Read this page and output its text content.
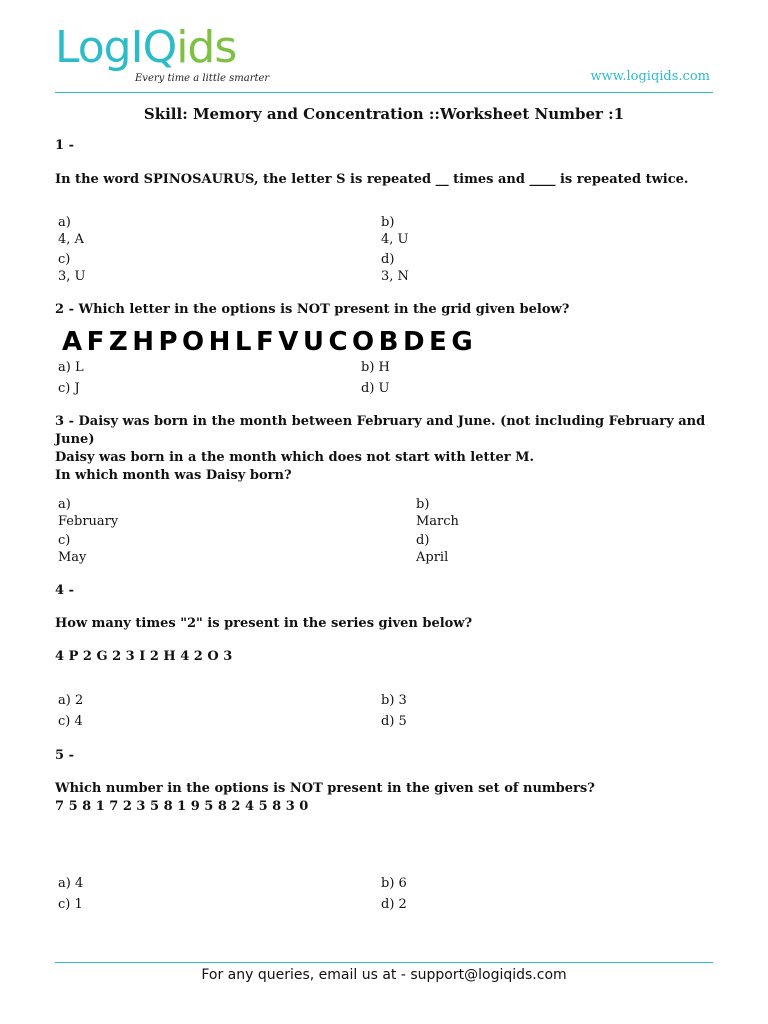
LogIQids
Every time a little smarter	www.logiqids.com
Skill: Memory and Concentration ::Worksheet Number :1
1 -
In the word SPINOSAURUS, the letter S is repeated __ times and ____ is repeated twice.
a)
4, A
b)
4, U
c)
3, U
d)
3, N
2 - Which letter in the options is NOT present in the grid given below?
AFZHPOHLFVUCOBDEG
a) L	b) H
c) J	d) U
3 - Daisy was born in the month between February and June. (not including February and
June)
Daisy was born in a the month which does not start with letter M.
In which month was Daisy born?
a)
February
b)
March
c)
May
d)
April
4 -
How many times "2" is present in the series given below?
4 P 2 G 2 3 I 2 H 4 2 O 3
a) 2	b) 3
c) 4	d) 5
5 -
Which number in the options is NOT present in the given set of numbers?
7 5 8 1 7 2 3 5 8 1 9 5 8 2 4 5 8 3 0
a) 4	b) 6
c) 1	d) 2
For any queries, email us at - support@logiqids.com
